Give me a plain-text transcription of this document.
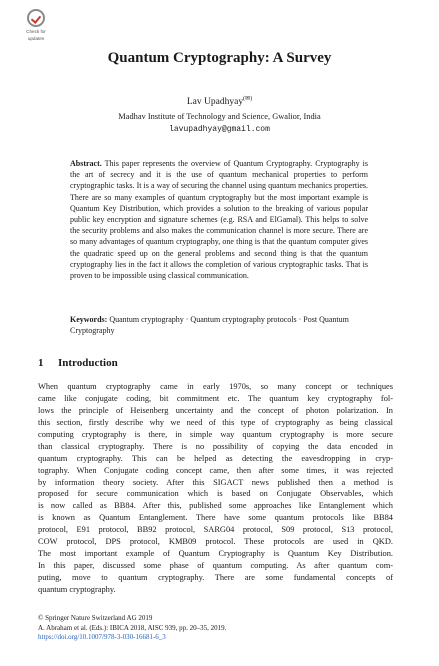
Check for
updates
Quantum Cryptography: A Survey
Lav Upadhyay(✉)
Madhav Institute of Technology and Science, Gwalior, India
lavupadhyay@gmail.com
Abstract. This paper represents the overview of Quantum Cryptography. Cryptography is the art of secrecy and it is the use of quantum mechanical properties to perform cryptographic tasks. It is a way of securing the channel using quantum mechanics properties. There are so many examples of quantum cryptography but the most important example is Quantum Key Distribution, which provides a solution to the breaking of various popular public key encryption and signature schemes (e.g. RSA and ElGamal). This helps to solve the security problems and also makes the communication channel is more secure. There are so many advantages of quantum cryptography, one thing is that the quantum computer gives the quadratic speed up on the general problems and second thing is that the quantum cryptography lies in the fact it allows the completion of various cryptographic tasks. That is proven to be impossible using classical communication.
Keywords: Quantum cryptography · Quantum cryptography protocols · Post Quantum Cryptography
1 Introduction
When quantum cryptography came in early 1970s, so many concept or techniques
came like conjugate coding, bit commitment etc. The quantum key cryptography fol-
lows the principle of Heisenberg uncertainty and the concept of photon polarization. In
this section, firstly describe why we need of this type of cryptography as being classical
computing cryptography is there, in simple way quantum cryptography is more secure
than classical cryptography. There is no possibility of copying the data encoded in
quantum cryptography. This can be helped as detecting the eavesdropping in cryp-
tography. When Conjugate coding concept came, then after some times, it was rejected
by information theory society. After this SIGACT news published then a method is
proposed for secure communication which is based on Conjugate Observables, which
is now called as BB84. After this, published some approaches like Entanglement which
is known as Quantum Entanglement. There have some quantum protocols like BB84
protocol, E91 protocol, BB92 protocol, SARG04 protocol, S09 protocol, S13 protocol,
COW protocol, DPS protocol, KMB09 protocol. These protocols are used in QKD.
The most important example of Quantum Cryptography is Quantum Key Distribution.
In this paper, discussed some phase of quantum computing. As after quantum com-
puting, move to quantum cryptography. There are some fundamental concepts of
quantum cryptography.
© Springer Nature Switzerland AG 2019
A. Abraham et al. (Eds.): IBICA 2018, AISC 939, pp. 20–35, 2019.
https://doi.org/10.1007/978-3-030-16681-6_3
